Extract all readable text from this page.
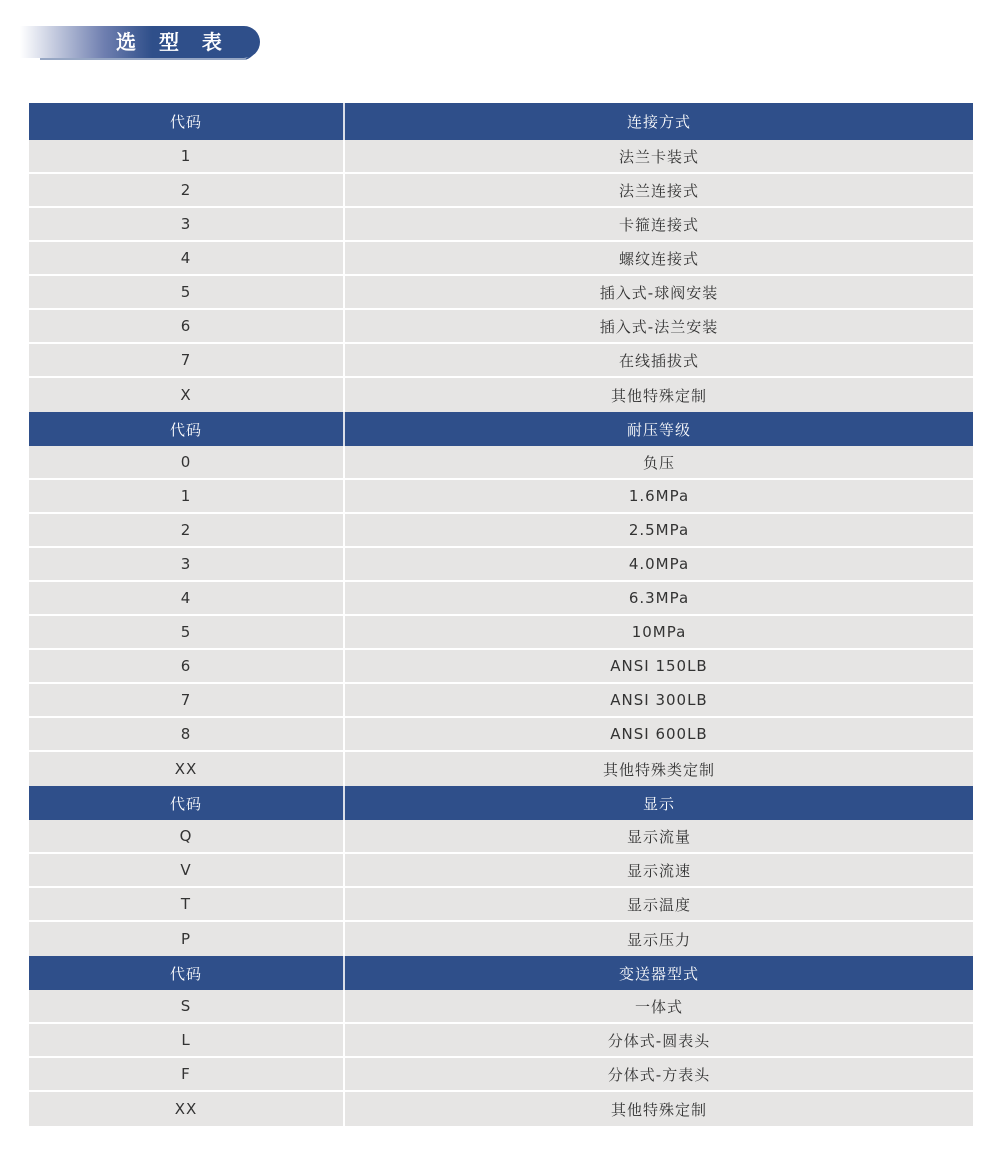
选 型 表
代码	连接方式
1	法兰卡装式
2	法兰连接式
3	卡箍连接式
4	螺纹连接式
5	插入式-球阀安装
6	插入式-法兰安装
7	在线插拔式
X	其他特殊定制
代码	耐压等级
0	负压
1	1.6MPa
2	2.5MPa
3	4.0MPa
4	6.3MPa
5	10MPa
6	ANSI 150LB
7	ANSI 300LB
8	ANSI 600LB
XX	其他特殊类定制
代码	显示
Q	显示流量
V	显示流速
T	显示温度
P	显示压力
代码	变送器型式
S	一体式
L	分体式-圆表头
F	分体式-方表头
XX	其他特殊定制
